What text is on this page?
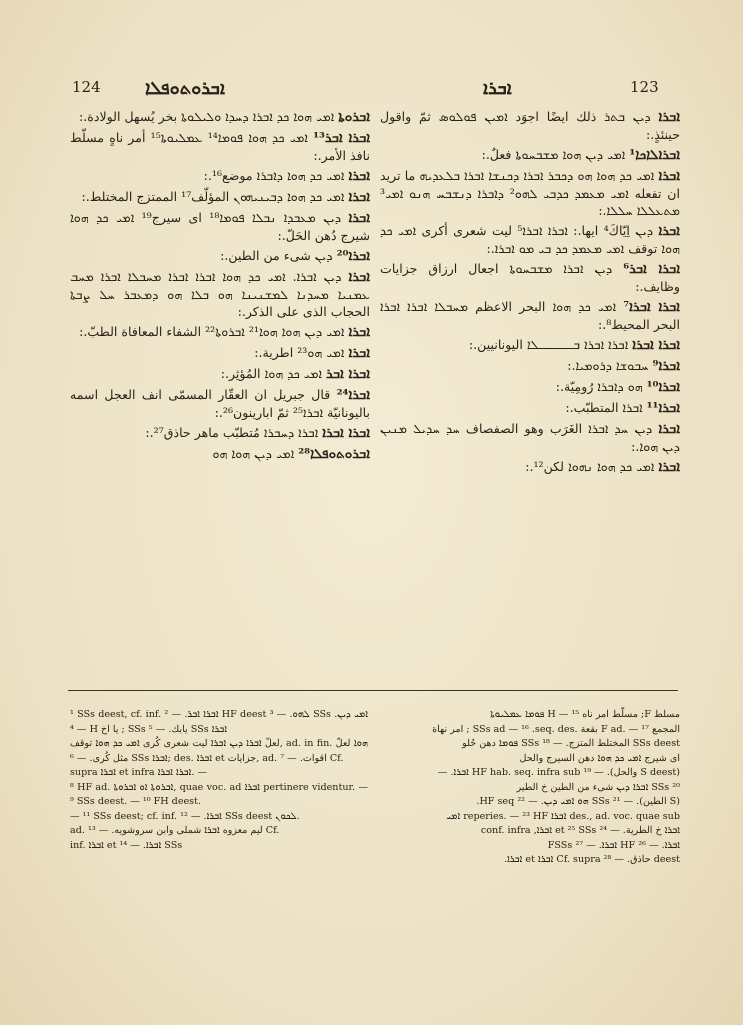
124 ܐܒܪܘܬܘܦܠܐ	ܐܒܪܐ	123

ܐܒܪܘܬܐ ܐܡܝ ܗܘܐ ܟܕ ܐܒܪܐ ܕܚܕܐ ܘܠܝܠܘܬܐ بخر يُسهل الولادة.:

ܐܒܪܐ ܐܒܪ¹³ ܐܡܝ ܟܕ ܗܘܐ ܦܘܡܐ¹⁴ ܥܡܠܝܘܬܐ¹⁵ أمر ناهٍ مسلّط نافذ الأمر.:

ܐܒܪܐ ܐܡܝ ܟܕ ܗܘܐ ܕܐܒܪܐ موضع¹⁶.:

ܐܒܪܐ ܐܡܝ ܟܕ ܗܘܐ ܕܒܝܢܝܗܘܢ المؤلّف¹⁷ الممتزج المختلط.:

ܐܒܪܐ ܕܝܢ ܡܥܒܕܐ ܢܒܠܐ ܦܘܡܐ¹⁸ اى سيرج¹⁹ ܐܡܝ ܟܕ ܗܘܐ شيرج دُهن الحَلّ.:

ܐܒܪܐ²⁰ ܕܝܢ شىء من الطين.:

ܐܒܪܐ ܕܝܢ ܐܒܪܐ. ܐܡܝ ܟܕ ܗܘܐ ܐܒܪܐ ܐܒܪܐ ܡܚܒܠܐ ܐܒܪܐ ܡܚܒ ܥܡܢܝܐ ܡܚܕܢܐ ܠܡܫܢܝܢܐ ܗܘ ܒܠܐ ܗܘ ܕܡܥܒܪ ܚܠ ܨܒܬܐ الحجاب الذى على الذكر.:

ܐܒܪܐ ܐܡܝ ܕܝܢ ܗܘܐ ܗܘܐ²¹ ܐܒܪܘܬܐ²² الشفاء المعافاة الطبّ.:

ܐܒܪܐ ܐܡܝ ܗܘ²³ اطرية.:

ܐܒܪܐ ܐܒܪ ܐܡܝ ܟܕ ܗܘܐ المُؤثِر.:

ܐܒܪܐ²⁴ قال جبريل ان العقّار المسمّى انف العجل اسمه باليونانيّة ܐܒܪܐ²⁵ ثمّ ابارينون²⁶.:

ܐܒܪܐ ܐܒܪܐ ܐܒܪܐ ܕܚܒܪܐ مُتطبّب ماهر حاذق²⁷.:

ܐܒܪܘܬܘܦܠܐ²⁸ ܐܡܝ ܕܝܢ ܗܘܐ ܗܘ

ܐܒܪܐ ܕܝܢ ܒܬܪ ذلك ايضًا اجوَد ܐܡܝܢ ܦܘܠܘܣ ثمّ واقول حينئذٍ.:

ܐܒܪܐܠܐܟܐ¹ ܐܡܝ ܕܝܢ ܗܘܐ ܡܫܒܚܘܬܐ فعلٌ.:

ܐܒܪܐ ܐܡܝ ܟܕ ܗܘܐ ܗܘ ܕܟܒܪ ܐܒܪܐ ܕܟܢܫܐ ܐܒܪܐ ܒܠܥܕܝܗ ما تريد ان تفعله ܐܡܝ ܡܥܡܕ ܟܕܒܝ ܠܗܘ² ܕܐܒܪܐ ܕܢܫܒܚ ܗܢܘ ܐܡܝ³ ܡܬܥܠܠܐ ܚܠܠܐ.:

ܐܒܪܐ ܕܝܢ اِيّاكَ⁴ ايها.: ܐܒܪܐ ܐܒܪܐ⁵ ليت شعرى أكرى ܐܡܝ ܟܕ ܗܘܐ توقف ܐܡܝ ܡܥܡܕ ܟܕ ܒܝ ܡܘ ܐܒܪܐ.:

ܐܒܪܐ ܐܒܪ⁶ ܕܝܢ ܐܒܪܐ ܡܫܒܚܘܬܐ اجعال ارزاق جزايات وظايف.:

ܐܒܪܐ ܐܒܪܐ⁷ ܐܡܝ ܟܕ ܗܘܐ البحر الاعظم ܡܚܒܠܐ ܐܒܪܐ ܐܒܪܐ البحر المحيط⁸.:

ܐܒܪܐ ܐܒܪܐ ܐܒܪܐ ܐܒܪܐ ܒـــــــܠܐ اليونانيين.:

ܐܒܪܐ⁹ ܚܒܘܫܐ ܕܪܘܡܝܐ.:

ܐܒܪܐ¹⁰ ܗܘ ܕܐܒܪܐ رُومِيّة.:

ܐܒܪܐ¹¹ ܐܒܪܐ المتطبّب.:

ܐܒܪܐ ܕܝܢ ܚܕ ܐܒܪܐ الغَرَب وهو الصفصاف ܚܕ ܚܕܝܠ ܡܢܝܢ ܕܝܢ ܗܘܐ.:

ܐܒܪܐ ܐܡܝ ܟܕ ܗܘܐ ܢܗܘܐ لكن¹².:

¹ SSs deest, cf. inf. ܐܒܪܐ ܐܒܪ. — ² HF deest ܠܗܘ. — ³ SSs ܐܡܝ ܕܝܢ. — ⁴ H يا اخ ; SSs يابك. — ⁵ SSs ܐܒܪܐ

لعلّ ܐܒܪܐ ܕܝܢ ܐܒܪܐ ليت شعرى كُرى ܐܡܝ ܟܕ ܗܘܐ توقف, ad. in fin. ܗܘܐ لعلّ مثل كُرى. — ⁶ SSs ܐܒܪܐ; des. ܐܒܪܐ et جزايات, ad. اقوات. — ⁷ Cf.

supra ܐܒܪܐ et infra ܐܒܪܐ ܐܒܪܐ. —

⁸ HF ad. ܐܒܪܘܬܐ ܐܘ ܐܒܪܘܬܐ, quae voc. ad ܐܒܪܐ pertinere videntur. — ⁹ SSs deest. — ¹⁰ FH deest.

— ¹¹ SSs deest; cf. inf. ܐܒܪܐ. — ¹² SSs deest ܠܟܘܢ.

ad. ليم معزوه ܐܒܪܐ شملى وابن سروشويه. — ¹³ Cf.

inf. ܐܒܪܐ et ܐܒܪܐ. — ¹⁴ SSs

مسلط F; مسلّط امر ناه H — ¹⁵ ܦܘܡܐ ܥܡܠܝܘܬܐ

المجمع F ad. — ¹⁷ بقعة .SSs ad — ¹⁶ .seq. des ; امر نهاة

SSs deest المختلط المتزج. — ¹⁸ SSs ܦܘܡܐ دهن حُلو

اى شيرج ܐܡܝ ܟܕ ܗܘܐ دهن السيرج والحل

(S deest والحل). — ¹⁹ HF hab. seq. infra sub ܐܒܪܐ. —

²⁰ SSs ܐܒܪܐ ܕܝܢ شىء من الطين خ الطير

(S الطين). — ²¹ SSs ܗܘ ܐܡܝ ܕܝܢ. — ²² HF seq.

des., ad. voc. quae sub ܐܒܪܐ reperies. — ²³ HF ܐܡܝ

ܐܒܪܐ خ الطرية. — ²⁴ et ²⁵ SSs ܐܒܪܐ, conf. infra

ܐܒܪܐ. — ²⁶ HF ܐܒܪܐ. — ²⁷ FSSs

deest حاذق. — ²⁸ Cf. supra ܐܒܪܐ et ܐܒܪܐ.
